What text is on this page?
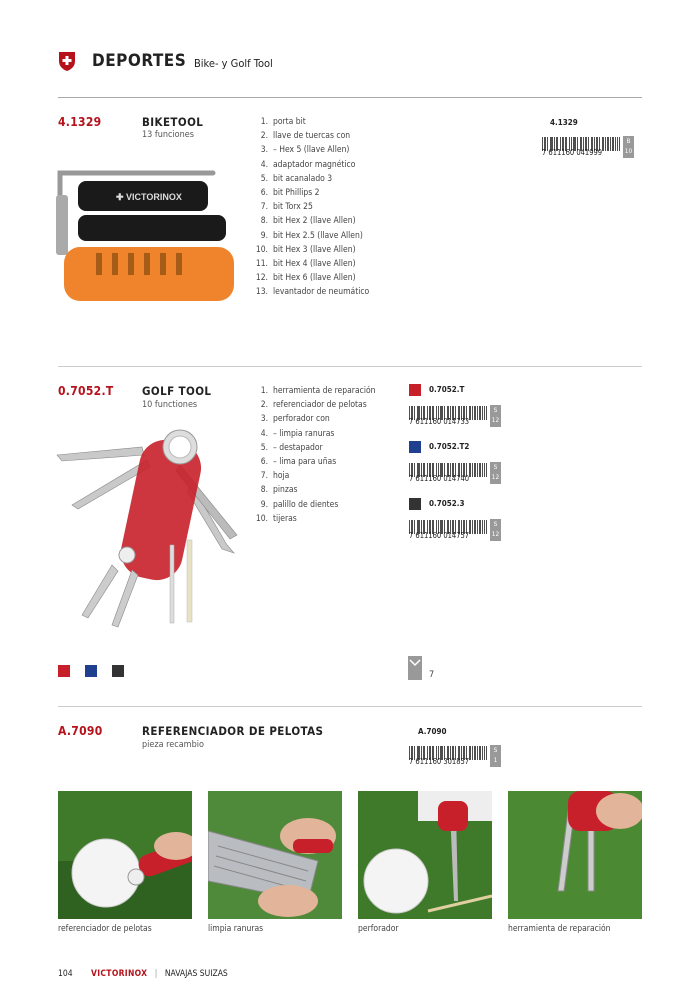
DEPORTES Bike- y Golf Tool
4.1329	BIKETOOL
13 funciones
✚ VICTORINOX
1. porta bit
2. llave de tuercas con
3. – Hex 5 (llave Allen)
4. adaptador magnético
5. bit acanalado 3
6. bit Phillips 2
7. bit Torx 25
8. bit Hex 2 (llave Allen)
9. bit Hex 2.5 (llave Allen)
10. bit Hex 3 (llave Allen)
11. bit Hex 4 (llave Allen)
12. bit Hex 6 (llave Allen)
13. levantador de neumático
4.1329
7 611160 041999
B
10
0.7052.T GOLF TOOL
10 functiones
1. herramienta de reparación
2. referenciador de pelotas
3. perforador con
4. – limpia ranuras
5. – destapador
6. – lima para uñas
7. hoja
8. pinzas
9. palillo de dientes
10. tijeras
0.7052.T
7 611160 014733
S
12
0.7052.T2
7 611160 014740
S
12
0.7052.3
7 611160 014757
S
12
7
A.7090	REFERENCIADOR DE PELOTAS
pieza recambio
A.7090
7 611160 301857
S
1
referenciador de pelotas	limpia ranuras	perforador	herramienta de reparación
104 VICTORINOX | NAVAJAS SUIZAS
